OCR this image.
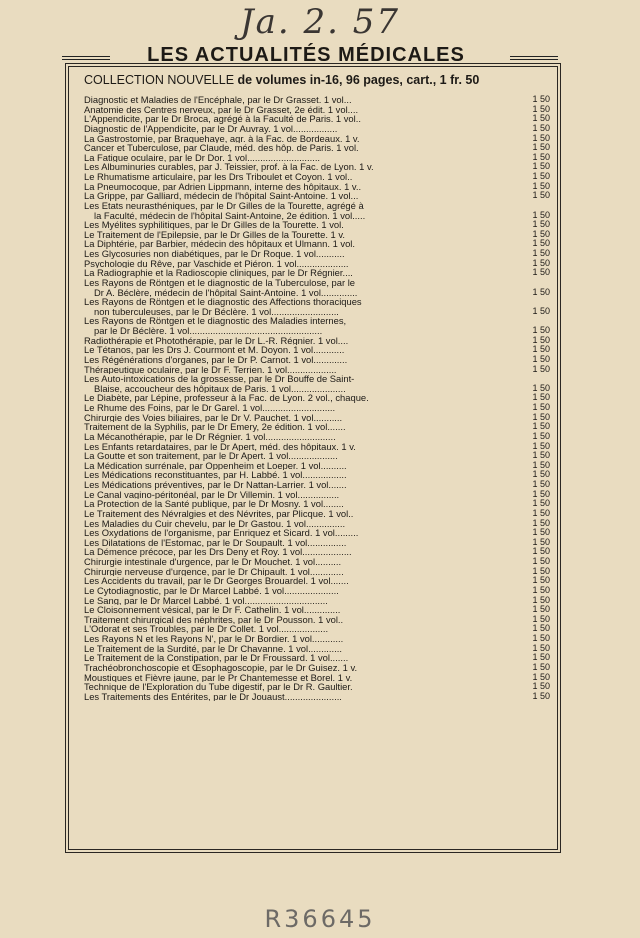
Ja. 2. 57
LES ACTUALITÉS MÉDICALES
COLLECTION NOUVELLE de volumes in-16, 96 pages, cart., 1 fr. 50
Diagnostic et Maladies de l'Encéphale, par le Dr Grasset. 1 vol...	1 50
Anatomie des Centres nerveux, par le Dr Grasset, 2e édit. 1 vol....	1 50
L'Appendicite, par le Dr Broca, agrégé à la Faculté de Paris. 1 vol..	1 50
Diagnostic de l'Appendicite, par le Dr Auvray. 1 vol.................	1 50
La Gastrostomie, par Braquehaye, agr. à la Fac. de Bordeaux. 1 v.	1 50
Cancer et Tuberculose, par Claude, méd. des hôp. de Paris. 1 vol.	1 50
La Fatigue oculaire, par le Dr Dor. 1 vol............................	1 50
Les Albuminuries curables, par J. Teissier, prof. à la Fac. de Lyon. 1 v.	1 50
Le Rhumatisme articulaire, par les Drs Triboulet et Coyon. 1 vol..	1 50
La Pneumocoque, par Adrien Lippmann, interne des hôpitaux. 1 v..	1 50
La Grippe, par Galliard, médecin de l'hôpital Saint-Antoine. 1 vol...	1 50
Les Etats neurasthéniques, par le Dr Gilles de la Tourette, agrégé à
la Faculté, médecin de l'hôpital Saint-Antoine, 2e édition. 1 vol.....	1 50
Les Myélites syphilitiques, par le Dr Gilles de la Tourette. 1 vol.	1 50
Le Traitement de l'Epilepsie, par le Dr Gilles de la Tourette. 1 v.	1 50
La Diphtérie, par Barbier, médecin des hôpitaux et Ulmann. 1 vol.	1 50
Les Glycosuries non diabétiques, par le Dr Roque. 1 vol...........	1 50
Psychologie du Rêve, par Vaschide et Piéron. 1 vol....................	1 50
La Radiographie et la Radioscopie cliniques, par le Dr Régnier....	1 50
Les Rayons de Röntgen et le diagnostic de la Tuberculose, par le
Dr A. Béclère, médecin de l'hôpital Saint-Antoine. 1 vol..............	1 50
Les Rayons de Röntgen et le diagnostic des Affections thoraciques
non tuberculeuses, par le Dr Béclère. 1 vol..........................	1 50
Les Rayons de Röntgen et le diagnostic des Maladies internes,
par le Dr Béclère. 1 vol...................................................	1 50
Radiothérapie et Photothérapie, par le Dr L.-R. Régnier. 1 vol....	1 50
Le Tétanos, par les Drs J. Courmont et M. Doyon. 1 vol............	1 50
Les Régénérations d'organes, par le Dr P. Carnot. 1 vol.............	1 50
Thérapeutique oculaire, par le Dr F. Terrien. 1 vol...................	1 50
Les Auto-intoxications de la grossesse, par le Dr Bouffe de Saint-
Blaise, accoucheur des hôpitaux de Paris. 1 vol.....................	1 50
Le Diabète, par Lépine, professeur à la Fac. de Lyon. 2 vol., chaque.	1 50
Le Rhume des Foins, par le Dr Garel. 1 vol............................	1 50
Chirurgie des Voies biliaires, par le Dr V. Pauchet. 1 vol...........	1 50
Traitement de la Syphilis, par le Dr Emery, 2e édition. 1 vol.......	1 50
La Mécanothérapie, par le Dr Régnier. 1 vol...........................	1 50
Les Enfants retardataires, par le Dr Apert, méd. des hôpitaux. 1 v.	1 50
La Goutte et son traitement, par le Dr Apert. 1 vol...................	1 50
La Médication surrénale, par Oppenheim et Loeper. 1 vol..........	1 50
Les Médications reconstituantes, par H. Labbé. 1 vol.................	1 50
Les Médications préventives, par le Dr Nattan-Larrier. 1 vol.......	1 50
Le Canal vagino-péritonéal, par le Dr Villemin. 1 vol................	1 50
La Protection de la Santé publique, par le Dr Mosny. 1 vol........	1 50
Le Traitement des Névralgies et des Névrites, par Plicque. 1 vol..	1 50
Les Maladies du Cuir chevelu, par le Dr Gastou. 1 vol...............	1 50
Les Oxydations de l'organisme, par Enriquez et Sicard. 1 vol.........	1 50
Les Dilatations de l'Estomac, par le Dr Soupault. 1 vol...............	1 50
La Démence précoce, par les Drs Deny et Roy. 1 vol...................	1 50
Chirurgie intestinale d'urgence, par le Dr Mouchet. 1 vol..........	1 50
Chirurgie nerveuse d'urgence, par le Dr Chipault. 1 vol.............	1 50
Les Accidents du travail, par le Dr Georges Brouardel. 1 vol.......	1 50
Le Cytodiagnostic, par le Dr Marcel Labbé. 1 vol.....................	1 50
Le Sang, par le Dr Marcel Labbé. 1 vol................................	1 50
Le Cloisonnement vésical, par le Dr F. Cathelin. 1 vol..............	1 50
Traitement chirurgical des néphrites, par le Dr Pousson. 1 vol..	1 50
L'Odorat et ses Troubles, par le Dr Collet. 1 vol...................	1 50
Les Rayons N et les Rayons N', par le Dr Bordier. 1 vol............	1 50
Le Traitement de la Surdité, par le Dr Chavanne. 1 vol.............	1 50
Le Traitement de la Constipation, par le Dr Froussard. 1 vol.......	1 50
Trachéobronchoscopie et Œsophagoscopie, par le Dr Guisez. 1 v.	1 50
Moustiques et Fièvre jaune, par le Pr Chantemesse et Borel. 1 v.	1 50
Technique de l'Exploration du Tube digestif, par le Dr R. Gaultier.	1 50
Les Traitements des Entérites, par le Dr Jouaust......................	1 50
R36645
